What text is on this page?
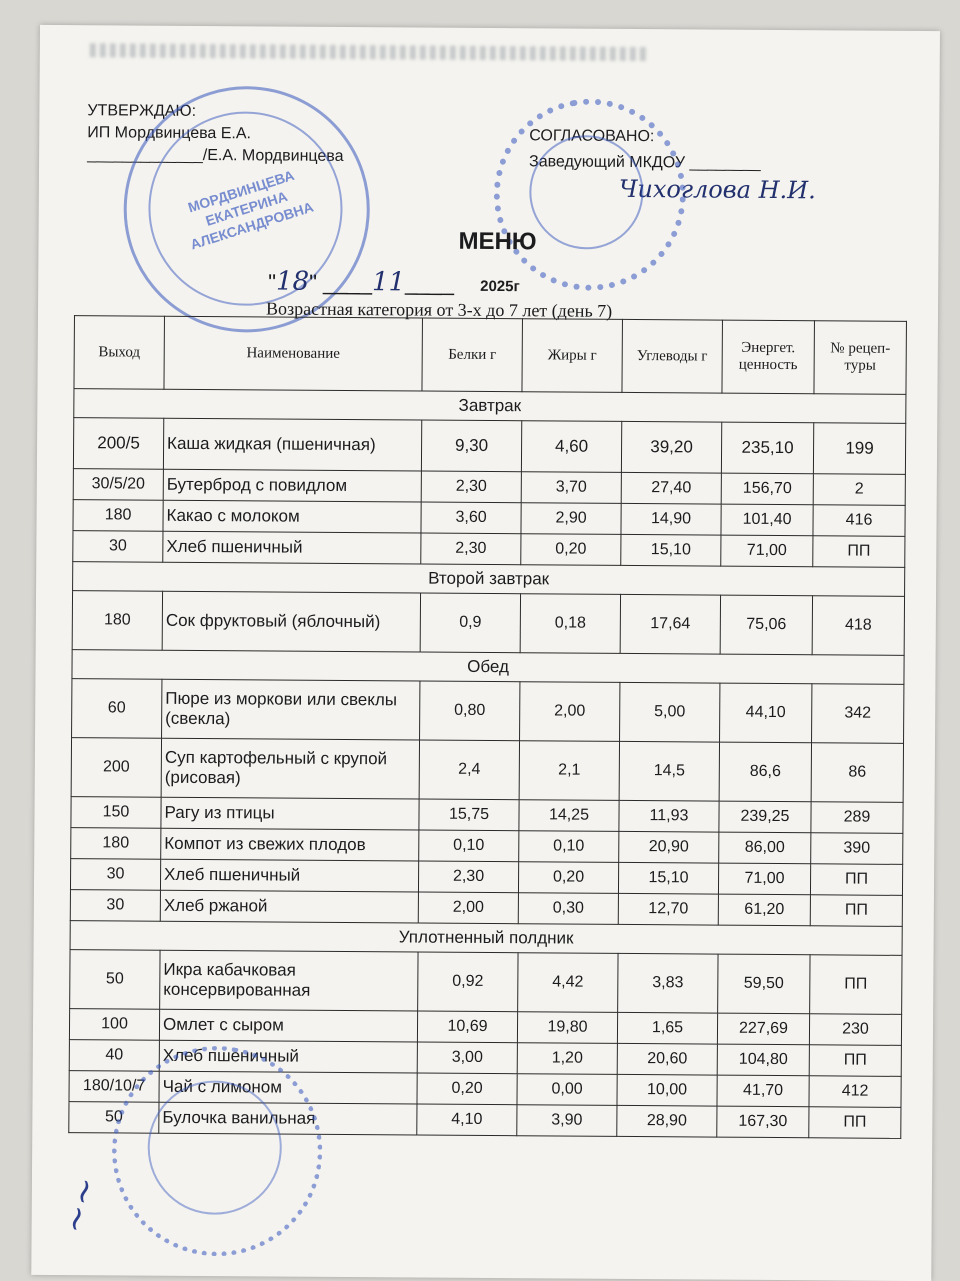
УТВЕРЖДАЮ:
ИП Мордвинцева Е.А.
_____________/Е.А. Мордвинцева
СОГЛАСОВАНО:
Заведующий МКДОУ ________
Чихоглова Н.И.
МОРДВИНЦЕВА ЕКАТЕРИНА АЛЕКСАНДРОВНА	МЕНЮ
"18" ____11____ 2025г
Возрастная категория от 3-х до 7 лет (день 7)
Выход	Наименование	Белки г	Жиры г	Углеводы г	Энергет. ценность	№ рецеп-туры
Завтрак						
200/5	Каша жидкая (пшеничная)	9,30	4,60	39,20	235,10	199
30/5/20	Бутерброд с повидлом	2,30	3,70	27,40	156,70	2
180	Какао с молоком	3,60	2,90	14,90	101,40	416
30	Хлеб пшеничный	2,30	0,20	15,10	71,00	ПП
Второй завтрак						
180	Сок фруктовый (яблочный)	0,9	0,18	17,64	75,06	418
Обед						
60	Пюре из моркови или свеклы (свекла)	0,80	2,00	5,00	44,10	342
200	Суп картофельный с крупой (рисовая)	2,4	2,1	14,5	86,6	86
150	Рагу из птицы	15,75	14,25	11,93	239,25	289
180	Компот из свежих плодов	0,10	0,10	20,90	86,00	390
30	Хлеб пшеничный	2,30	0,20	15,10	71,00	ПП
30	Хлеб ржаной	2,00	0,30	12,70	61,20	ПП
Уплотненный полдник						
50	Икра кабачковая консервированная	0,92	4,42	3,83	59,50	ПП
100	Омлет с сыром	10,69	19,80	1,65	227,69	230
40	Хлеб пшеничный	3,00	1,20	20,60	104,80	ПП
180/10/7	Чай с лимоном	0,20	0,00	10,00	41,70	412
50	Булочка ванильная	4,10	3,90	28,90	167,30	ПП
~~
